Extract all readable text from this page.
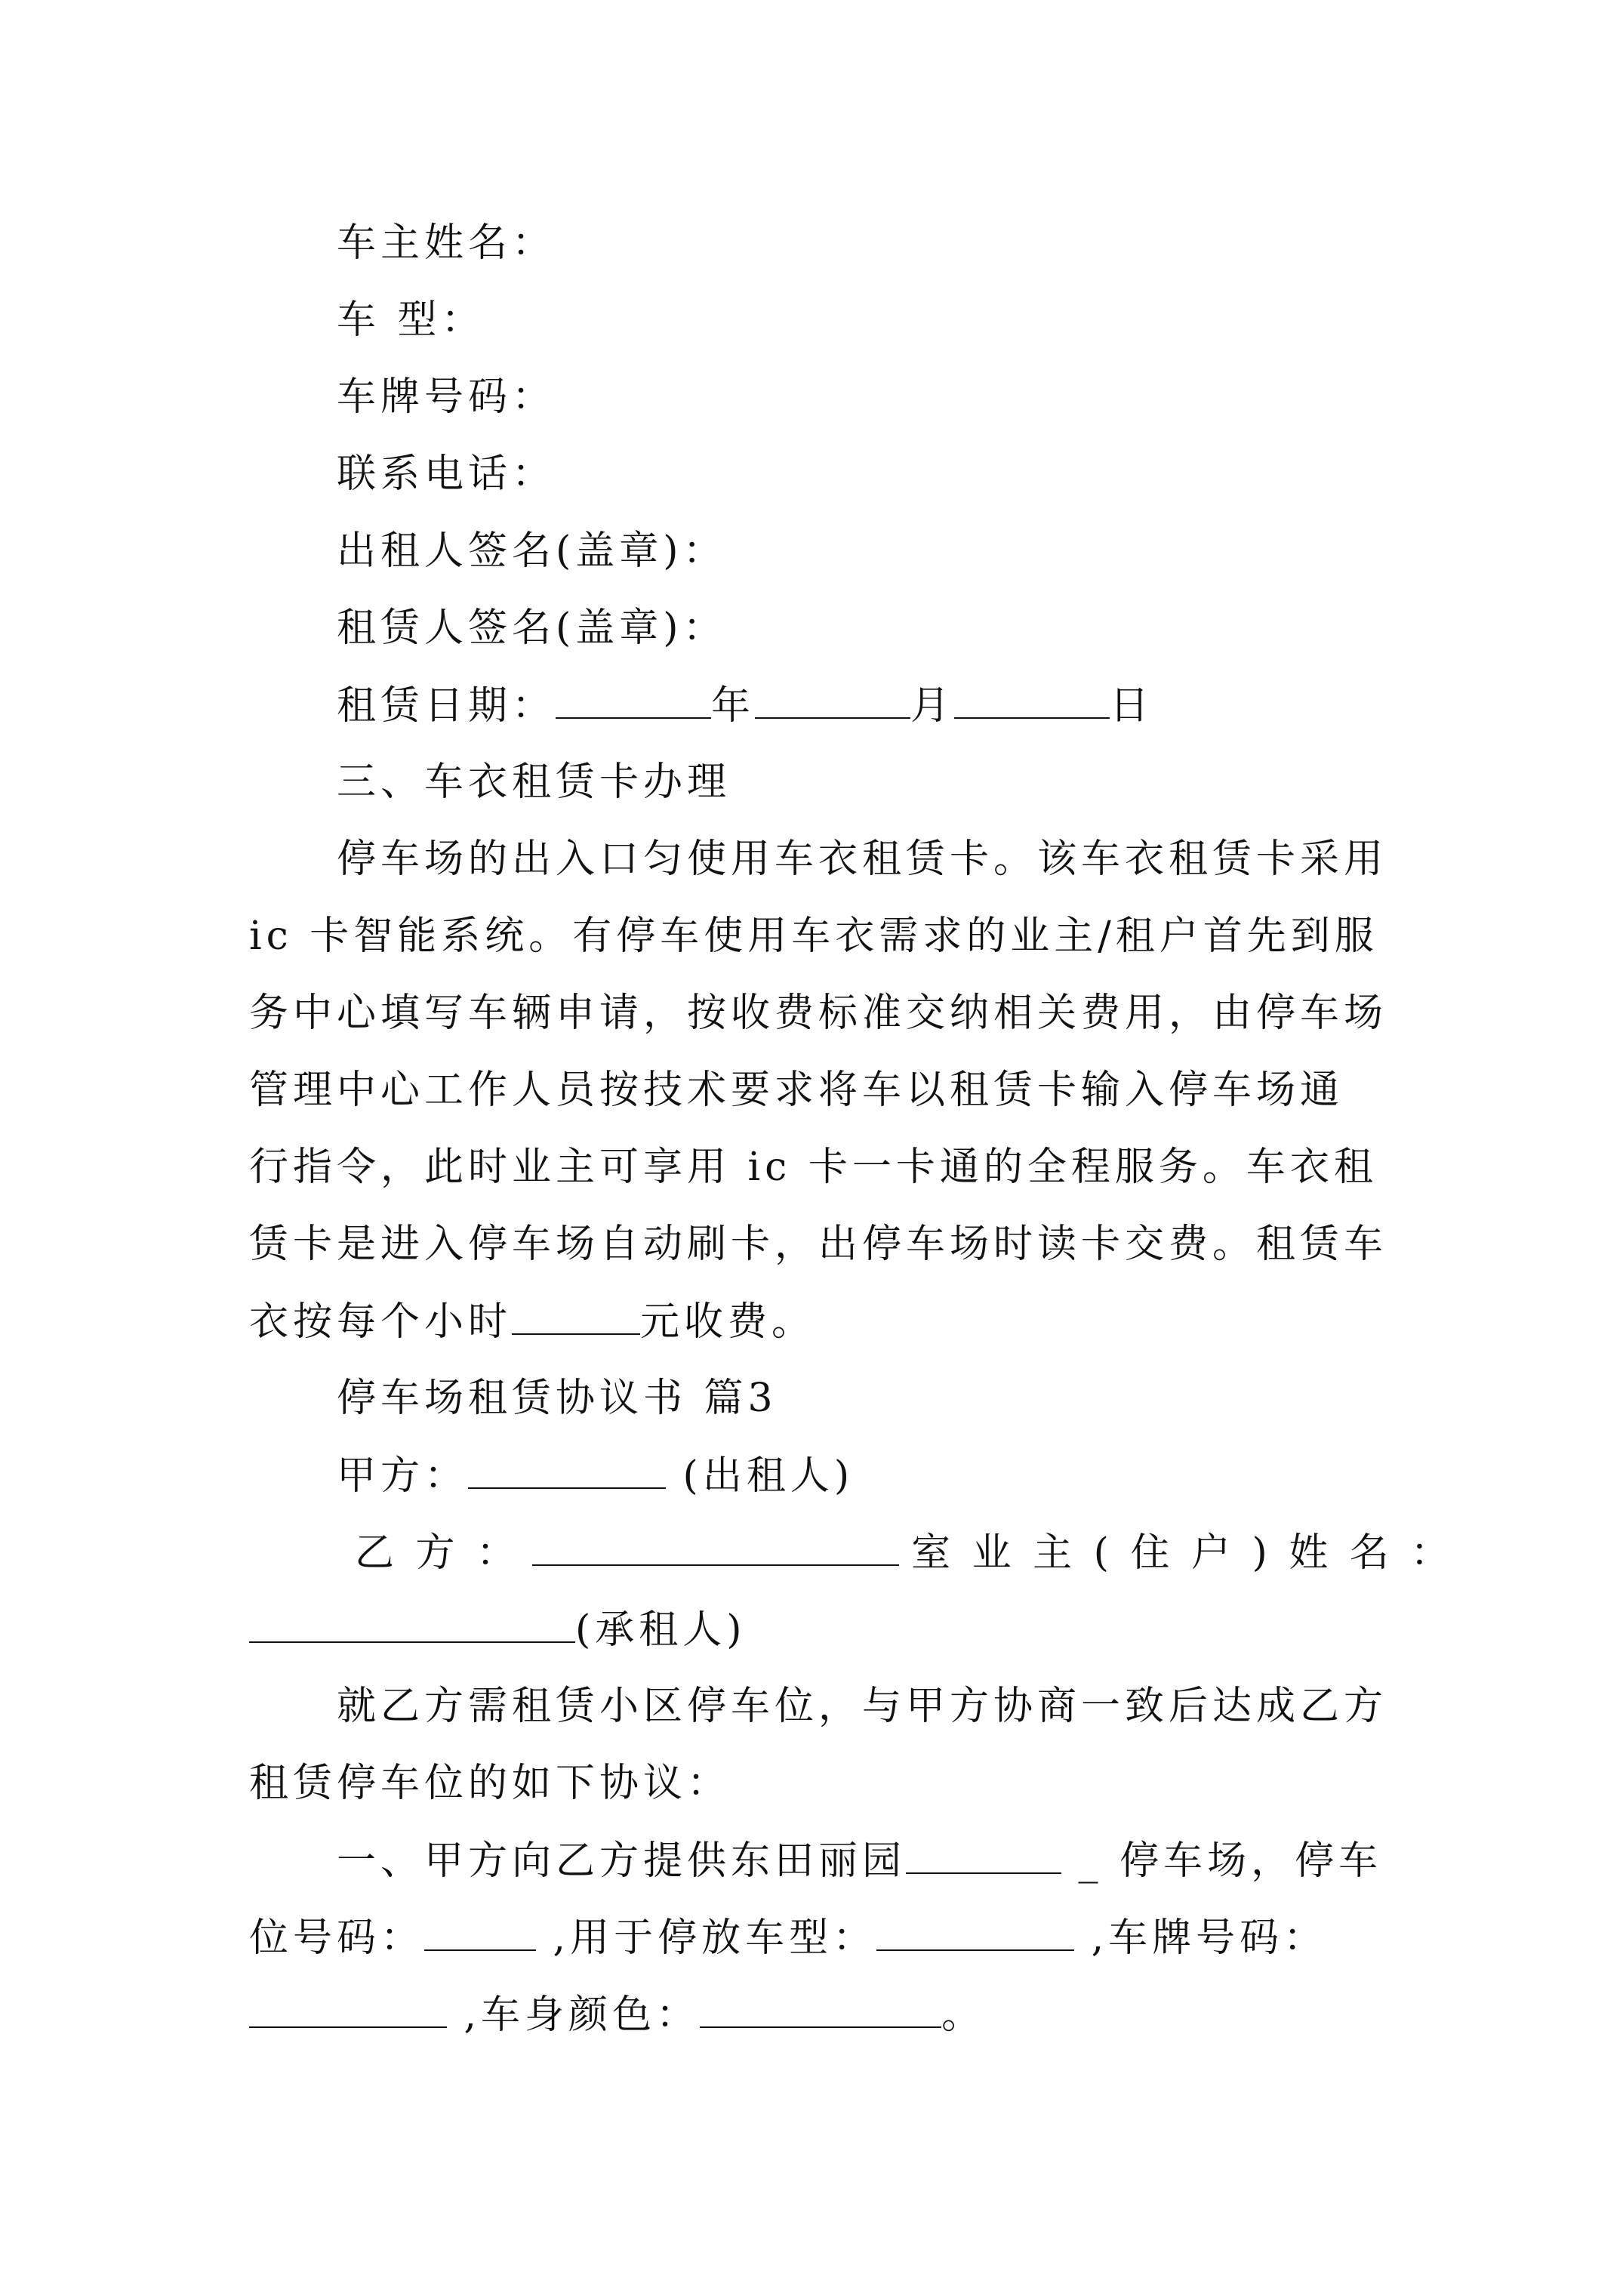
车主姓名：
车 型：
车牌号码：
联系电话：
出租人签名(盖章)：
租赁人签名(盖章)：
租赁日期：	年	月	日
三、车衣租赁卡办理
停车场的出入口匀使用车衣租赁卡。该车衣租赁卡采用
ic 卡智能系统。有停车使用车衣需求的业主/租户首先到服
务中心填写车辆申请，按收费标准交纳相关费用，由停车场
管理中心工作人员按技术要求将车以租赁卡输入停车场通
行指令，此时业主可享用 ic 卡一卡通的全程服务。车衣租
赁卡是进入停车场自动刷卡，出停车场时读卡交费。租赁车
衣按每个小时	元收费。
停车场租赁协议书 篇3
甲方：	(出租人)
乙 方 ：	室 业 主 ( 住 户 ) 姓 名 ：
(承租人)
就乙方需租赁小区停车位，与甲方协商一致后达成乙方
租赁停车位的如下协议：
一、甲方向乙方提供东田丽园	_ 停车场，停车
位号码：	,用于停放车型：	,车牌号码：
,车身颜色：	。
